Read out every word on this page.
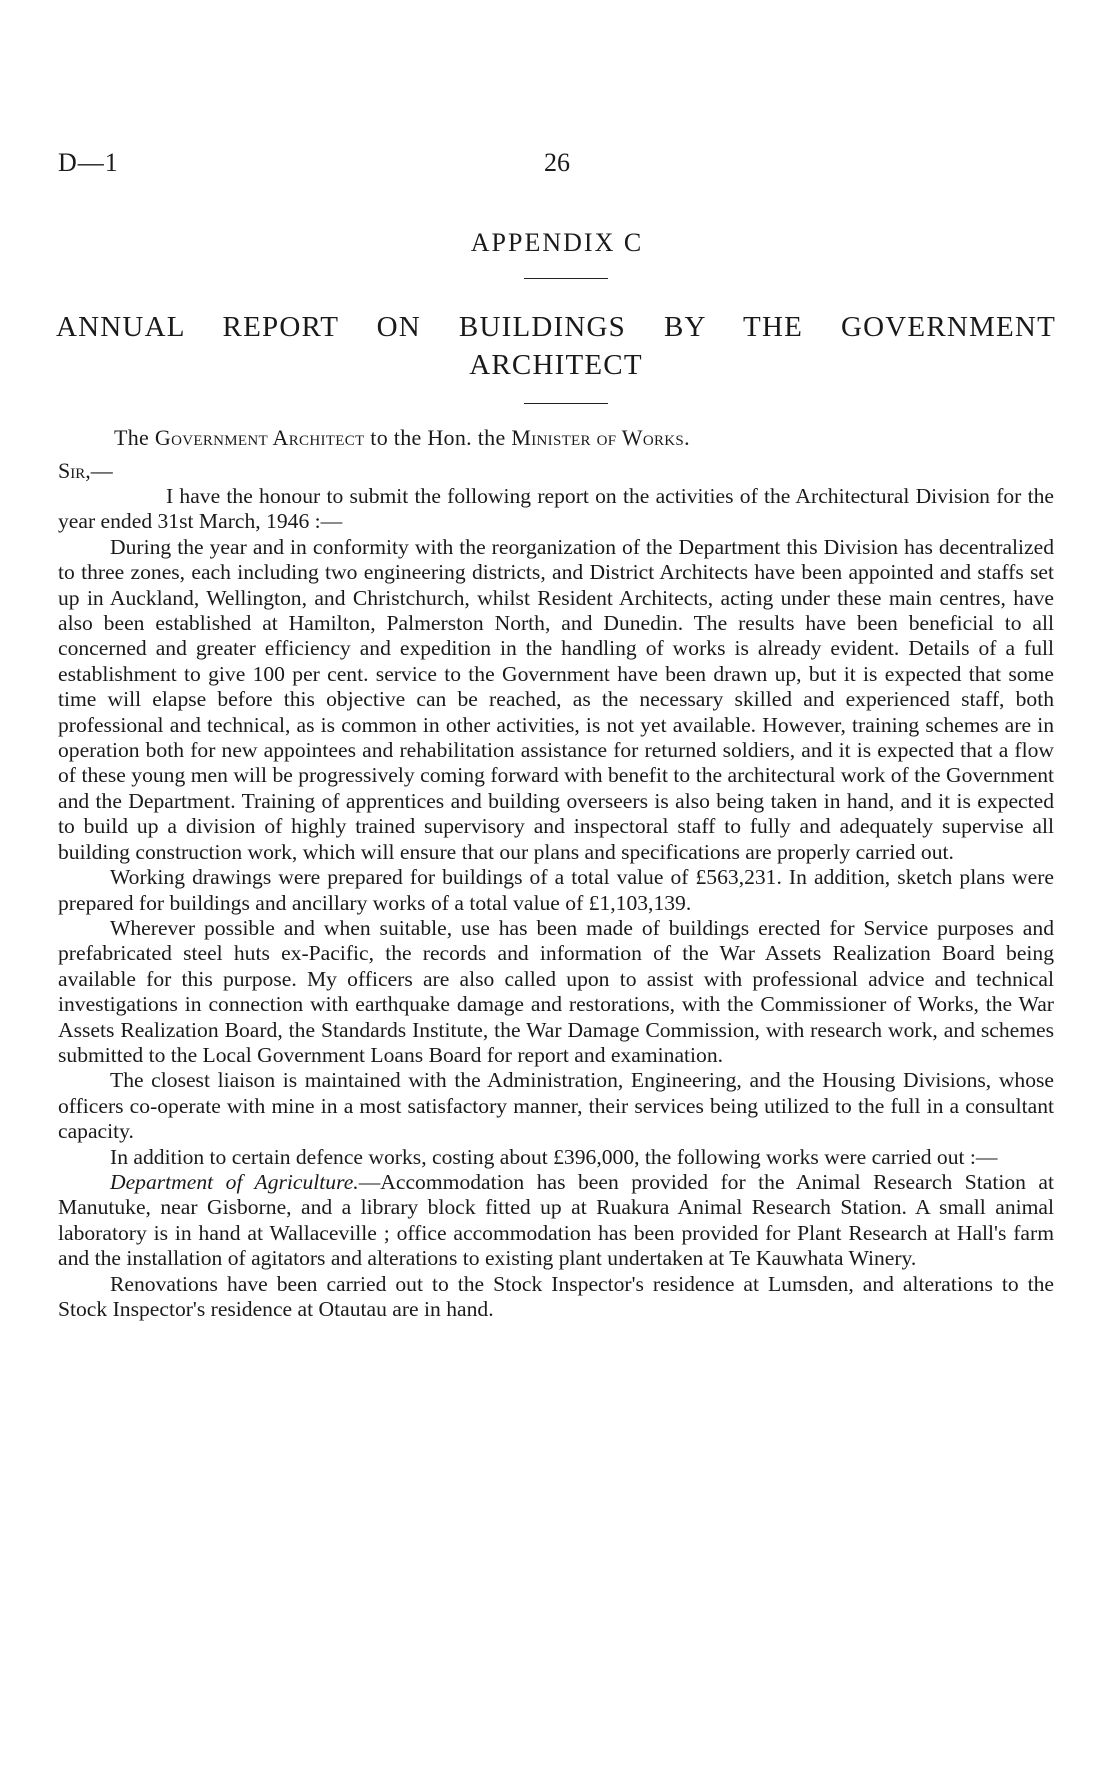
D—1	26
APPENDIX C
ANNUAL REPORT ON BUILDINGS BY THE GOVERNMENT
ARCHITECT
The Government Architect to the Hon. the Minister of Works.
Sir,—

I have the honour to submit the following report on the activities of the Architectural Division for the year ended 31st March, 1946 :—

During the year and in conformity with the reorganization of the Department this Division has decentralized to three zones, each including two engineering districts, and District Architects have been appointed and staffs set up in Auckland, Wellington, and Christchurch, whilst Resident Architects, acting under these main centres, have also been established at Hamilton, Palmerston North, and Dunedin. The results have been beneficial to all concerned and greater efficiency and expedition in the handling of works is already evident. Details of a full establishment to give 100 per cent. service to the Government have been drawn up, but it is expected that some time will elapse before this objective can be reached, as the necessary skilled and experienced staff, both professional and technical, as is common in other activities, is not yet available. However, training schemes are in operation both for new appointees and rehabilitation assistance for returned soldiers, and it is expected that a flow of these young men will be progressively coming forward with benefit to the architectural work of the Government and the Department. Training of apprentices and building overseers is also being taken in hand, and it is expected to build up a division of highly trained supervisory and inspectoral staff to fully and adequately supervise all building construction work, which will ensure that our plans and specifications are properly carried out.

Working drawings were prepared for buildings of a total value of £563,231. In addition, sketch plans were prepared for buildings and ancillary works of a total value of £1,103,139.

Wherever possible and when suitable, use has been made of buildings erected for Service purposes and prefabricated steel huts ex-Pacific, the records and information of the War Assets Realization Board being available for this purpose. My officers are also called upon to assist with professional advice and technical investigations in connection with earthquake damage and restorations, with the Commissioner of Works, the War Assets Realization Board, the Standards Institute, the War Damage Commission, with research work, and schemes submitted to the Local Government Loans Board for report and examination.

The closest liaison is maintained with the Administration, Engineering, and the Housing Divisions, whose officers co-operate with mine in a most satisfactory manner, their services being utilized to the full in a consultant capacity.

In addition to certain defence works, costing about £396,000, the following works were carried out :—

Department of Agriculture.—Accommodation has been provided for the Animal Research Station at Manutuke, near Gisborne, and a library block fitted up at Ruakura Animal Research Station. A small animal laboratory is in hand at Wallaceville ; office accommodation has been provided for Plant Research at Hall's farm and the installation of agitators and alterations to existing plant undertaken at Te Kauwhata Winery.

Renovations have been carried out to the Stock Inspector's residence at Lumsden, and alterations to the Stock Inspector's residence at Otautau are in hand.
